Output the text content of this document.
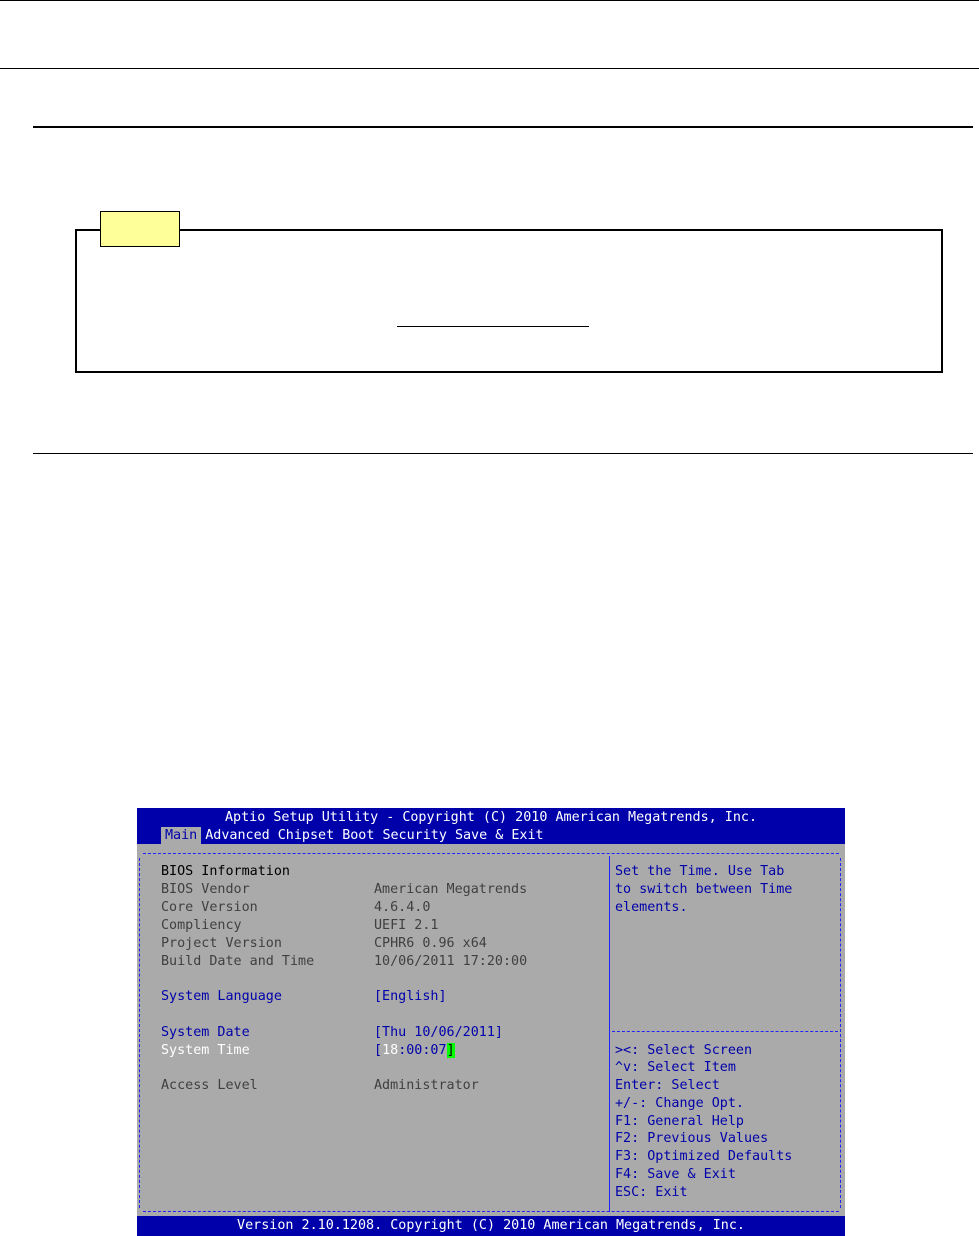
Aptio Setup Utility - Copyright (C) 2010 American Megatrends, Inc.
Main Advanced Chipset Boot Security Save & Exit
BIOS Information
BIOS Vendor	American Megatrends
Core Version	4.6.4.0
Compliency	UEFI 2.1
Project Version	CPHR6 0.96 x64
Build Date and Time	10/06/2011 17:20:00
System Language	[English]
System Date	[Thu 10/06/2011]
System Time	[18:00:07]
Access Level	Administrator
Set the Time. Use Tab
to switch between Time
elements.
><: Select Screen
^v: Select Item
Enter: Select
+/-: Change Opt.
F1: General Help
F2: Previous Values
F3: Optimized Defaults
F4: Save & Exit
ESC: Exit
Version 2.10.1208. Copyright (C) 2010 American Megatrends, Inc.
